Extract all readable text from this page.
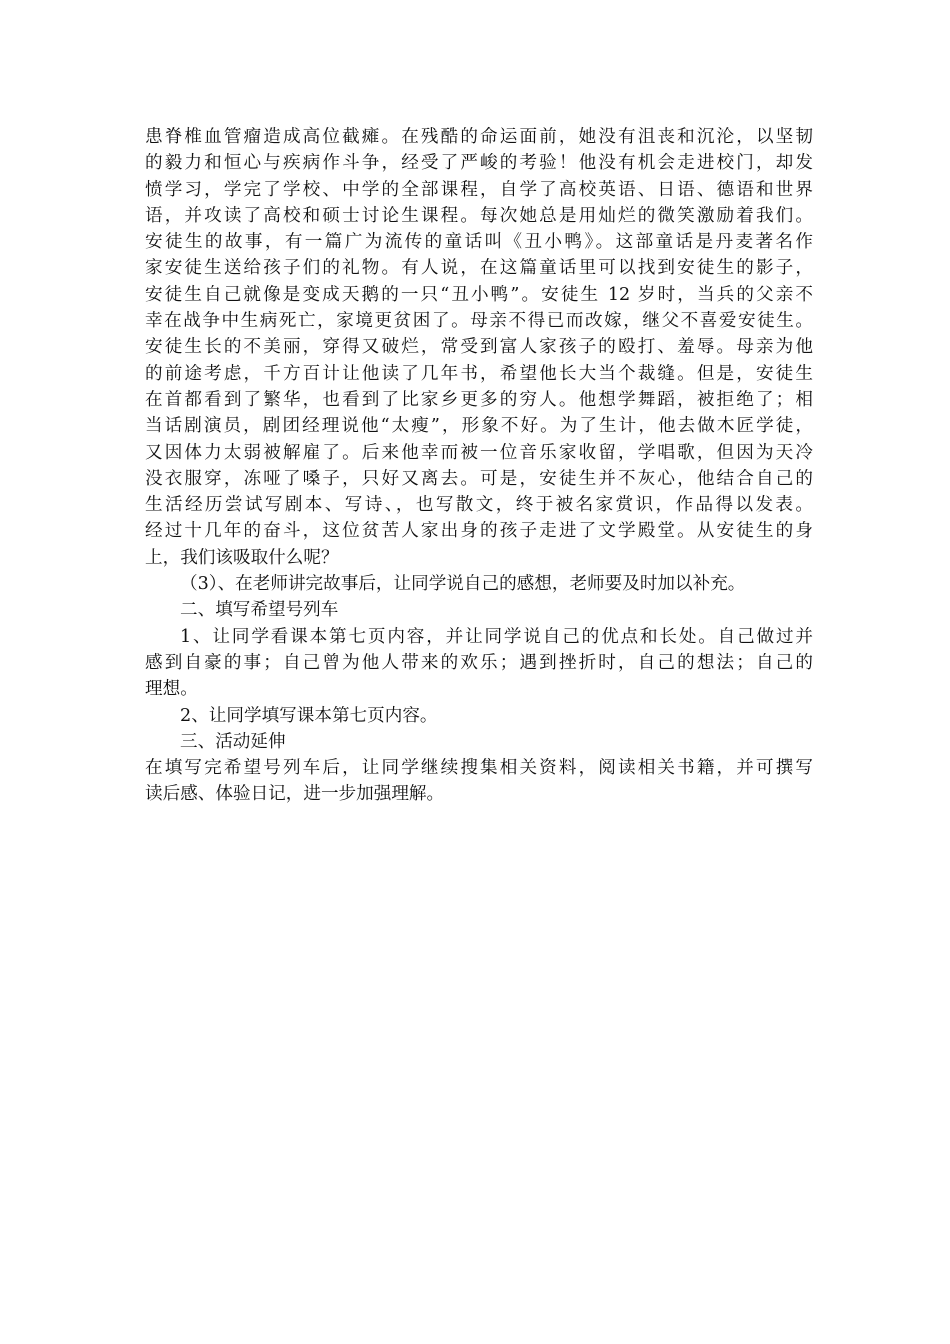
患脊椎血管瘤造成高位截瘫。在残酷的命运面前，她没有沮丧和沉沦，以坚韧
的毅力和恒心与疾病作斗争，经受了严峻的考验！他没有机会走进校门，却发
愤学习，学完了学校、中学的全部课程，自学了高校英语、日语、德语和世界
语，并攻读了高校和硕士讨论生课程。每次她总是用灿烂的微笑激励着我们。
安徒生的故事，有一篇广为流传的童话叫《丑小鸭》。这部童话是丹麦著名作
家安徒生送给孩子们的礼物。有人说，在这篇童话里可以找到安徒生的影子，
安徒生自己就像是变成天鹅的一只“丑小鸭”。安徒生 12 岁时，当兵的父亲不
幸在战争中生病死亡，家境更贫困了。母亲不得已而改嫁，继父不喜爱安徒生。
安徒生长的不美丽，穿得又破烂，常受到富人家孩子的殴打、羞辱。母亲为他
的前途考虑，千方百计让他读了几年书，希望他长大当个裁缝。但是，安徒生
在首都看到了繁华，也看到了比家乡更多的穷人。他想学舞蹈，被拒绝了；相
当话剧演员，剧团经理说他“太瘦”，形象不好。为了生计，他去做木匠学徒，
又因体力太弱被解雇了。后来他幸而被一位音乐家收留，学唱歌，但因为天冷
没衣服穿，冻哑了嗓子，只好又离去。可是，安徒生并不灰心，他结合自己的
生活经历尝试写剧本、写诗、，也写散文，终于被名家赏识，作品得以发表。
经过十几年的奋斗，这位贫苦人家出身的孩子走进了文学殿堂。从安徒生的身
上，我们该吸取什么呢？
（3）、在老师讲完故事后，让同学说自己的感想，老师要及时加以补充。
二、填写希望号列车
1、让同学看课本第七页内容，并让同学说自己的优点和长处。自己做过并
感到自豪的事；自己曾为他人带来的欢乐；遇到挫折时，自己的想法；自己的
理想。
2、让同学填写课本第七页内容。
三、活动延伸
在填写完希望号列车后，让同学继续搜集相关资料，阅读相关书籍，并可撰写
读后感、体验日记，进一步加强理解。
